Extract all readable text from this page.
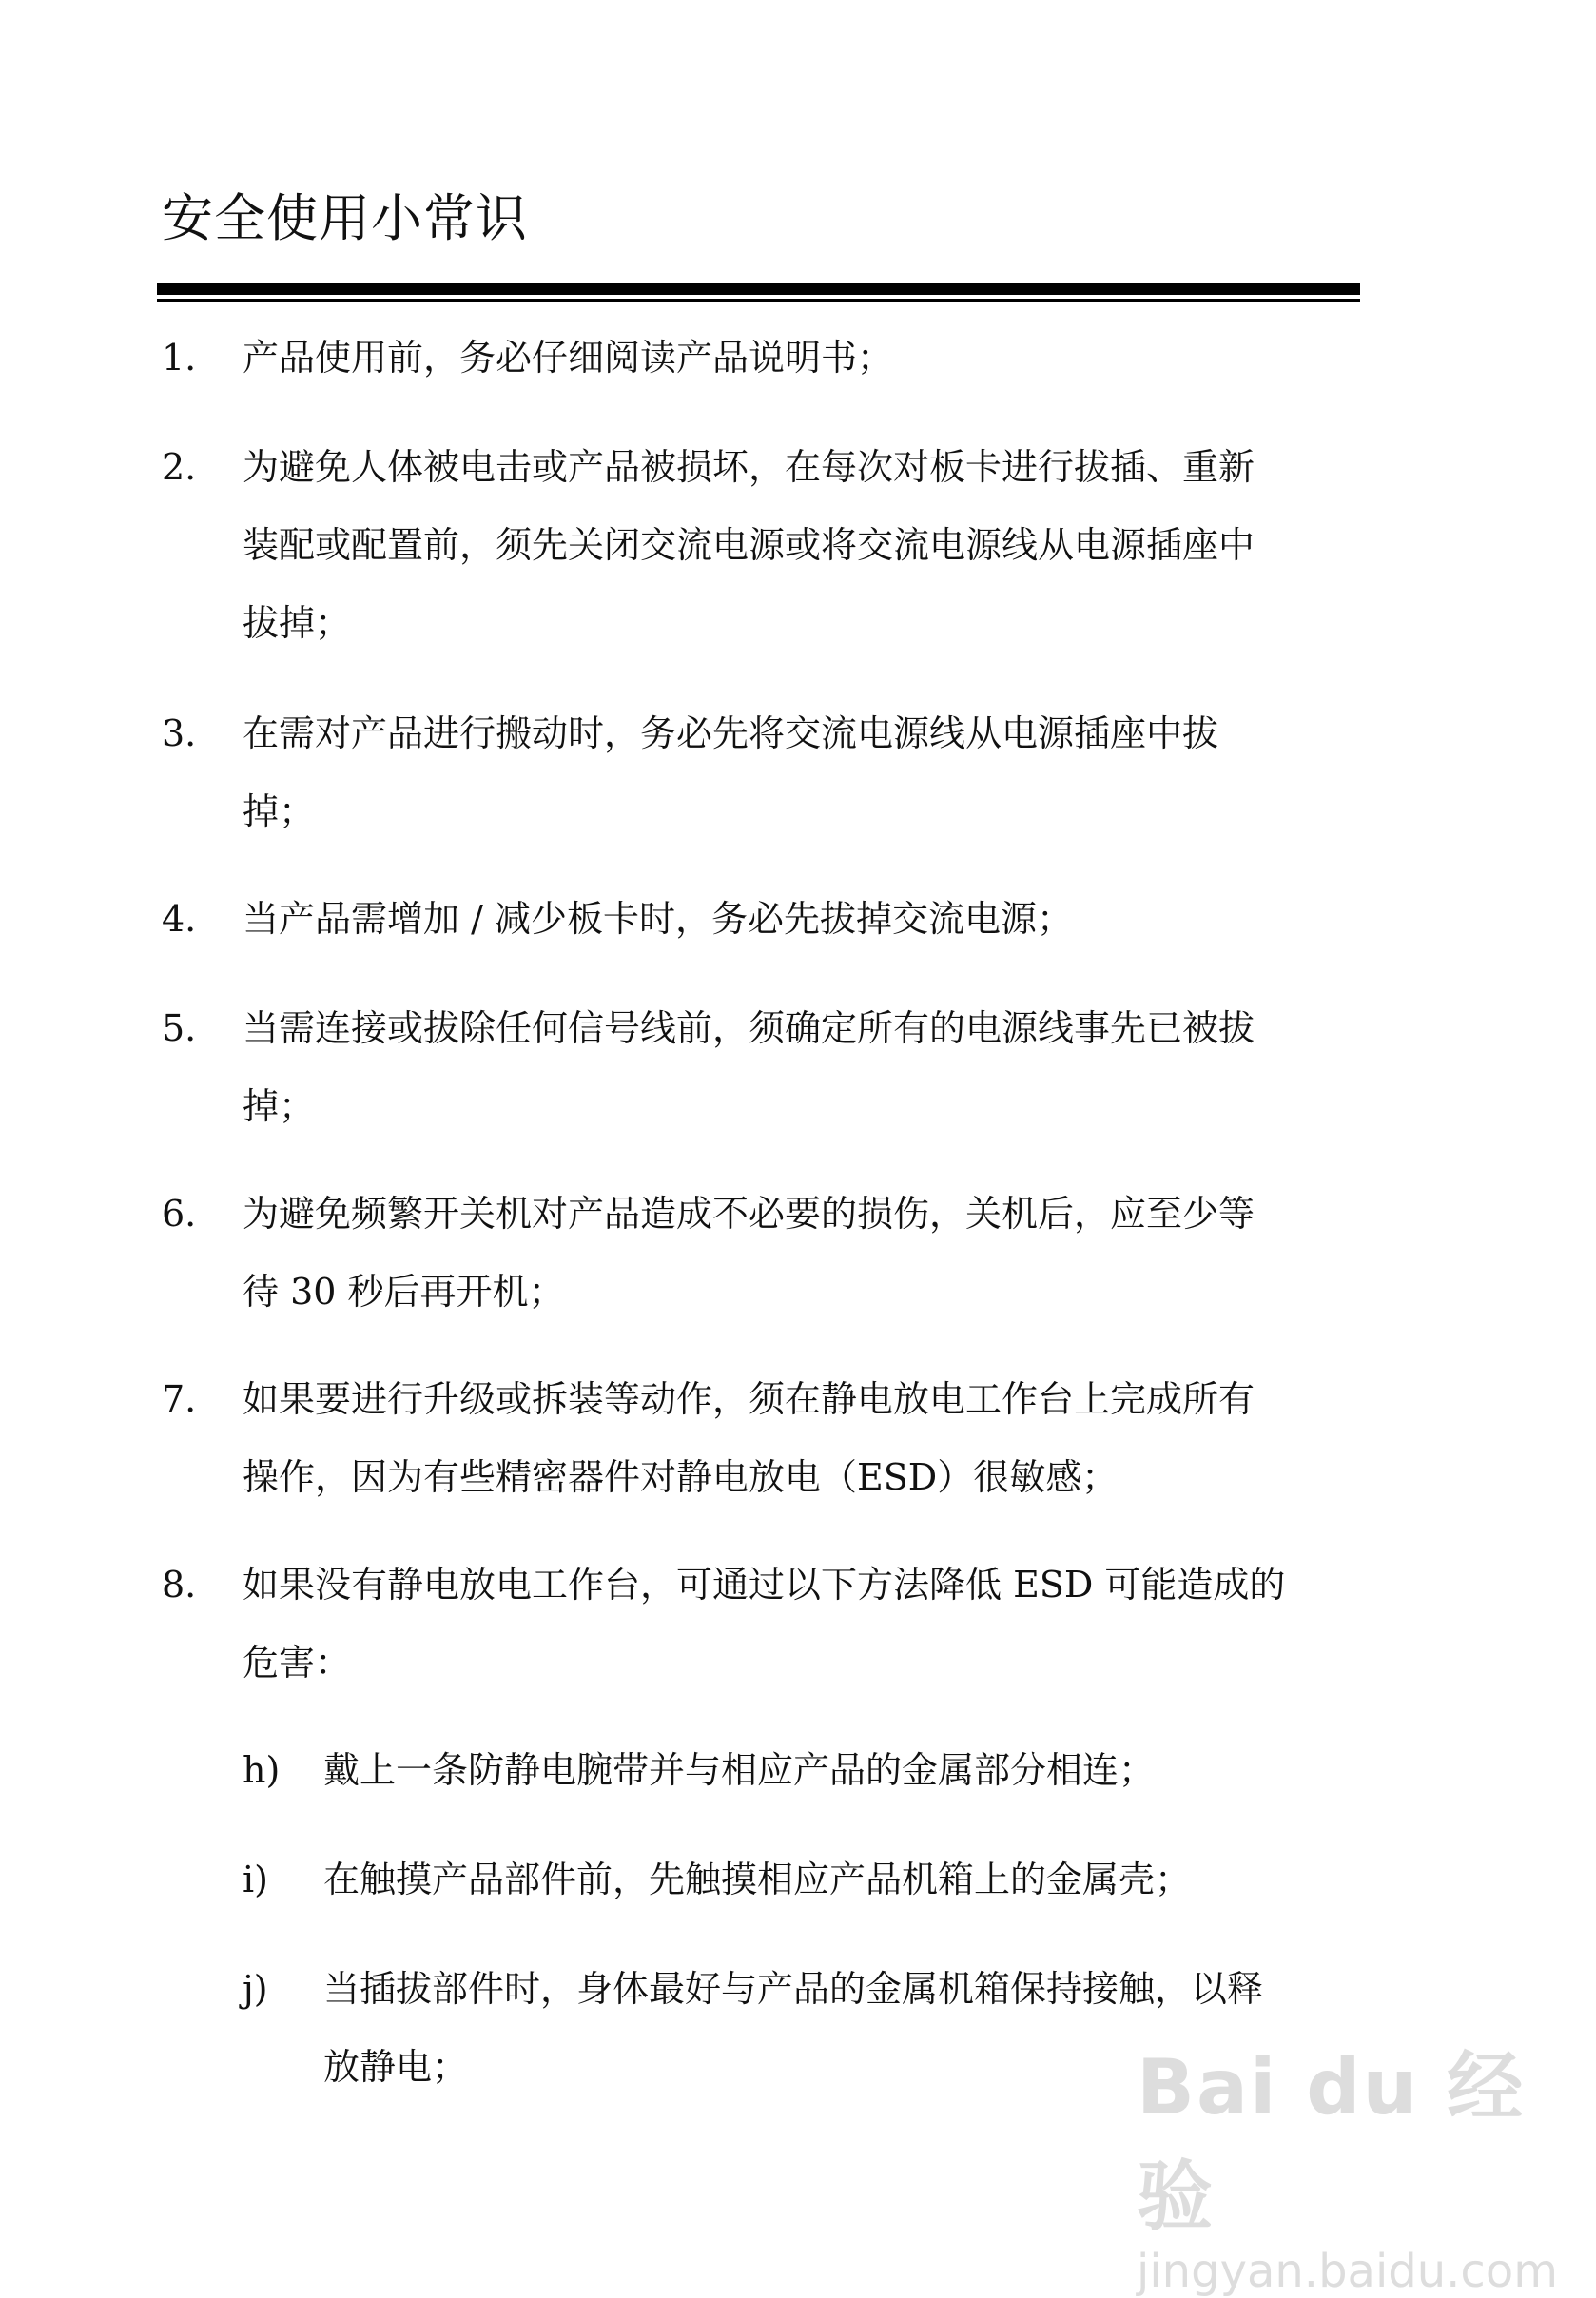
安全使用小常识
1.	产品使用前，务必仔细阅读产品说明书；
2.	为避免人体被电击或产品被损坏，在每次对板卡进行拔插、重新
装配或配置前，须先关闭交流电源或将交流电源线从电源插座中
拔掉；
3.	在需对产品进行搬动时，务必先将交流电源线从电源插座中拔
掉；
4.	当产品需增加 / 减少板卡时，务必先拔掉交流电源；
5.	当需连接或拔除任何信号线前，须确定所有的电源线事先已被拔
掉；
6.	为避免频繁开关机对产品造成不必要的损伤，关机后，应至少等
待 30 秒后再开机；
7.	如果要进行升级或拆装等动作，须在静电放电工作台上完成所有
操作，因为有些精密器件对静电放电（ESD）很敏感；
8.	如果没有静电放电工作台，可通过以下方法降低 ESD 可能造成的
危害：
h)	戴上一条防静电腕带并与相应产品的金属部分相连；
i)	在触摸产品部件前，先触摸相应产品机箱上的金属壳；
j)	当插拔部件时，身体最好与产品的金属机箱保持接触，以释
放静电；	Bai du 经验
jingyan.baidu.com
